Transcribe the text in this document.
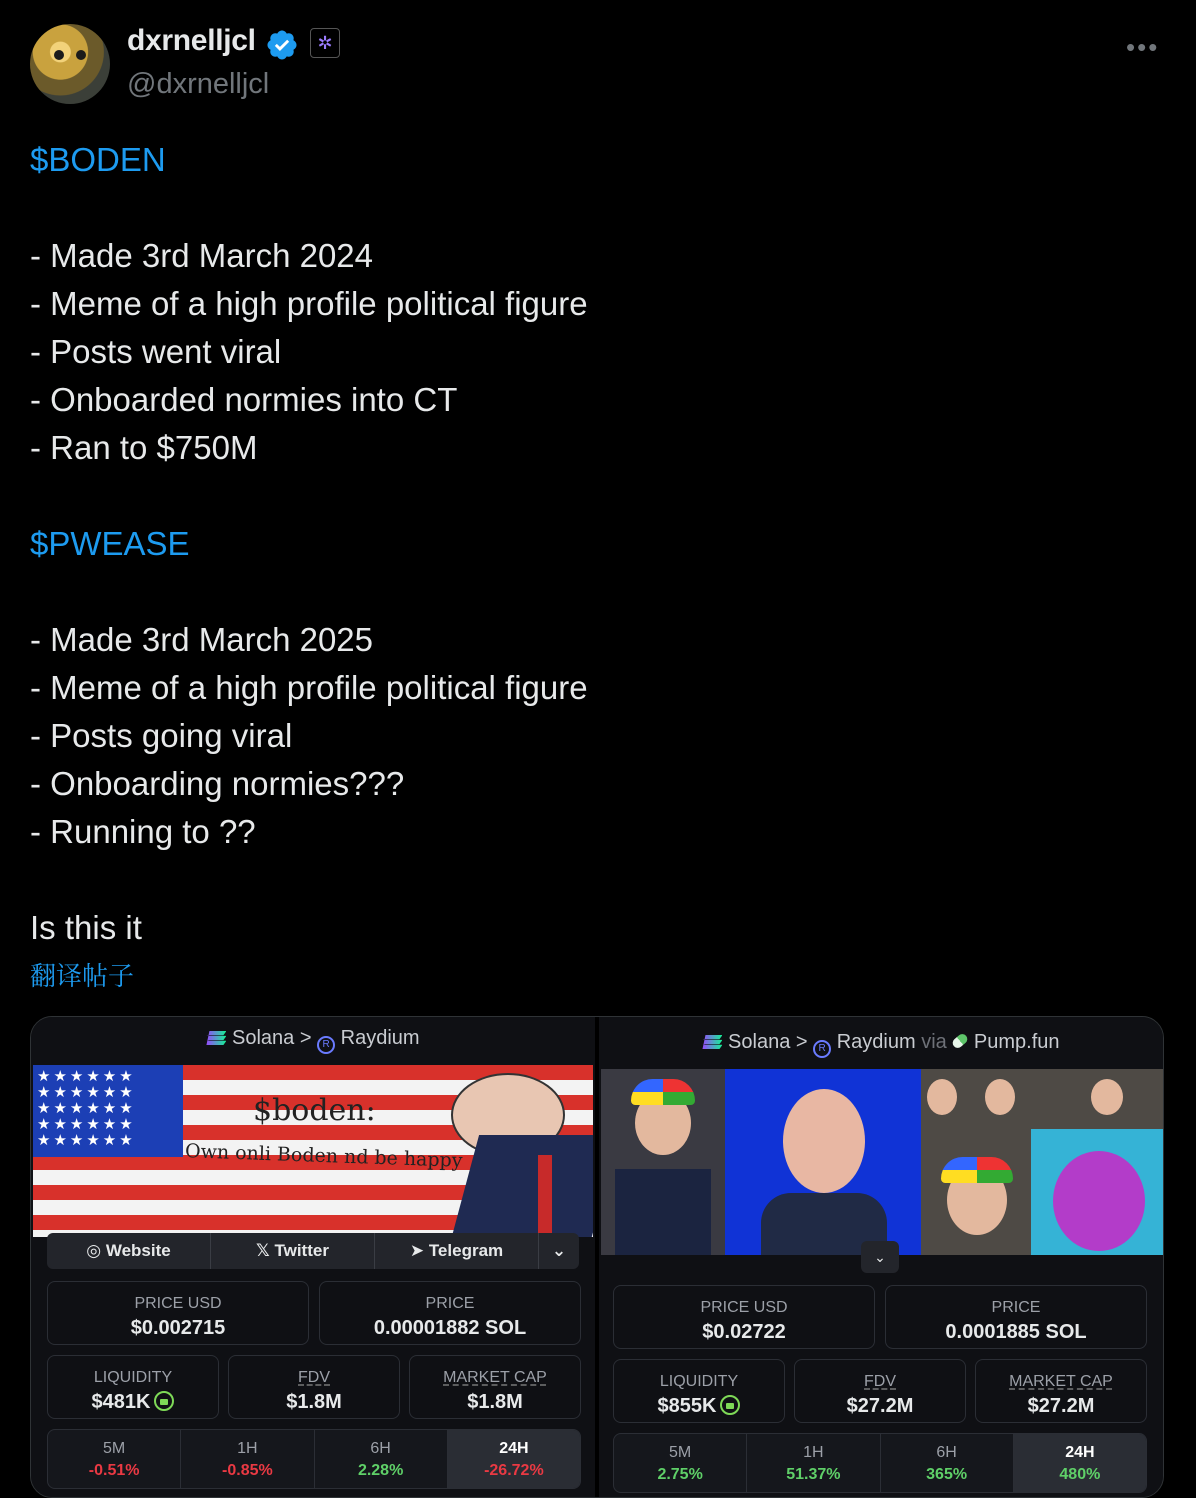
dxrnelljcl	✲
@dxrnelljcl
•••
$BODEN
- Made 3rd March 2024
- Meme of a high profile political figure
- Posts went viral
- Onboarded normies into CT
- Ran to $750M
$PWEASE
- Made 3rd March 2025
- Meme of a high profile political figure
- Posts going viral
- Onboarding normies???
- Running to ??
Is this it
翻译帖子
Solana > R Raydium
★★★★★★
★★★★★★
★★★★★★
★★★★★★
★★★★★★
$boden:
Own onli Boden nd be happy
◎ Website	𝕏 Twitter	➤ Telegram	⌄
PRICE USD
$0.002715
PRICE
0.00001882 SOL
LIQUIDITY
$481K
FDV
$1.8M
MARKET CAP
$1.8M
5M
-0.51%
1H
-0.85%
6H
2.28%
24H
-26.72%
Solana > R Raydium via Pump.fun
⌄
PRICE USD
$0.02722
PRICE
0.0001885 SOL
LIQUIDITY
$855K
FDV
$27.2M
MARKET CAP
$27.2M
5M
2.75%
1H
51.37%
6H
365%
24H
480%
